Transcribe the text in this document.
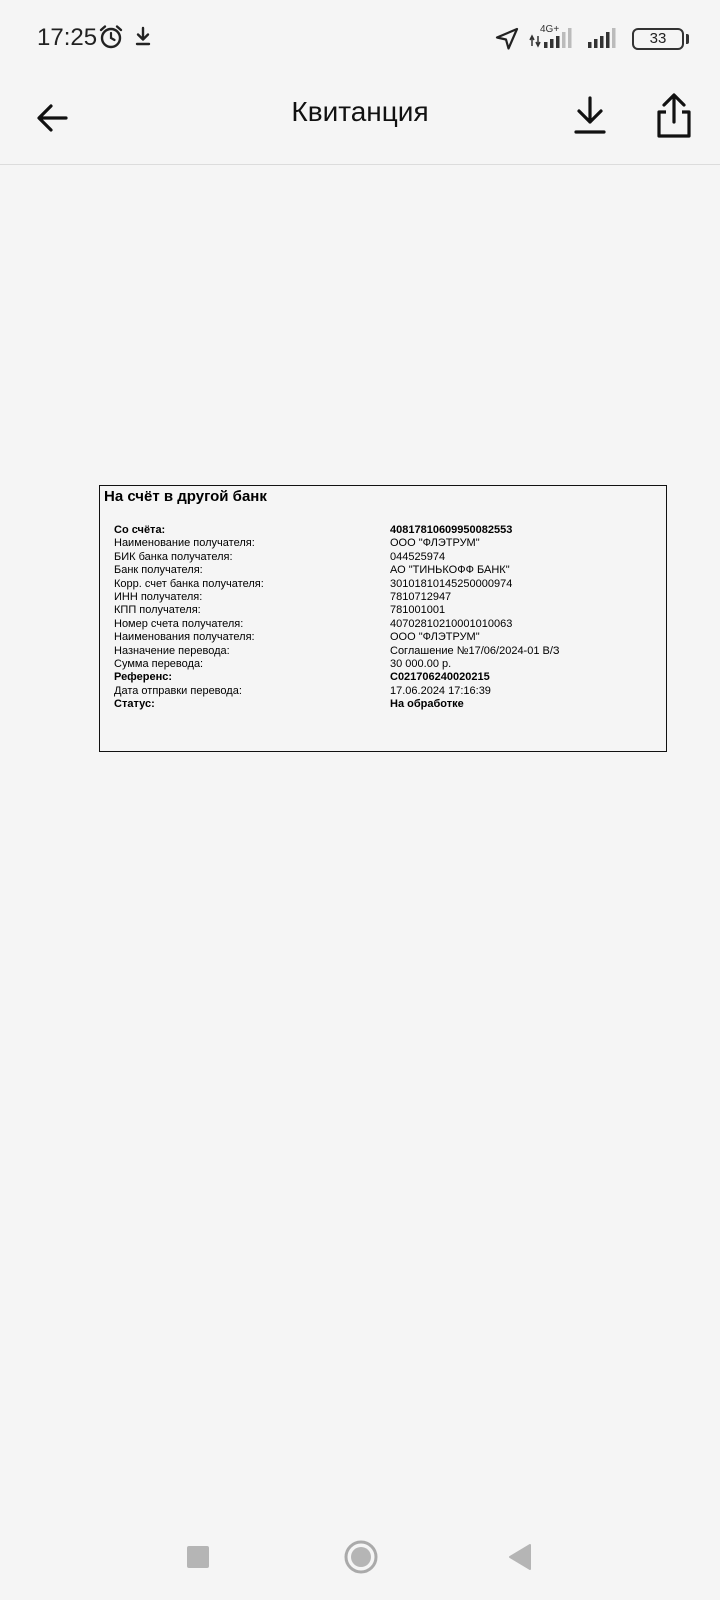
17:25	4G+
33
Квитанция
На счёт в другой банк
Со счёта:	40817810609950082553
Наименование получателя:	ООО "ФЛЭТРУМ"
БИК банка получателя:	044525974
Банк получателя:	АО "ТИНЬКОФФ БАНК"
Корр. счет банка получателя:	30101810145250000974
ИНН получателя:	7810712947
КПП получателя:	781001001
Номер счета получателя:	40702810210001010063
Наименования получателя:	ООО "ФЛЭТРУМ"
Назначение перевода:	Соглашение №17/06/2024-01 В/З
Сумма перевода:	30 000.00 р.
Референс:	C021706240020215
Дата отправки перевода:	17.06.2024 17:16:39
Статус:	На обработке
